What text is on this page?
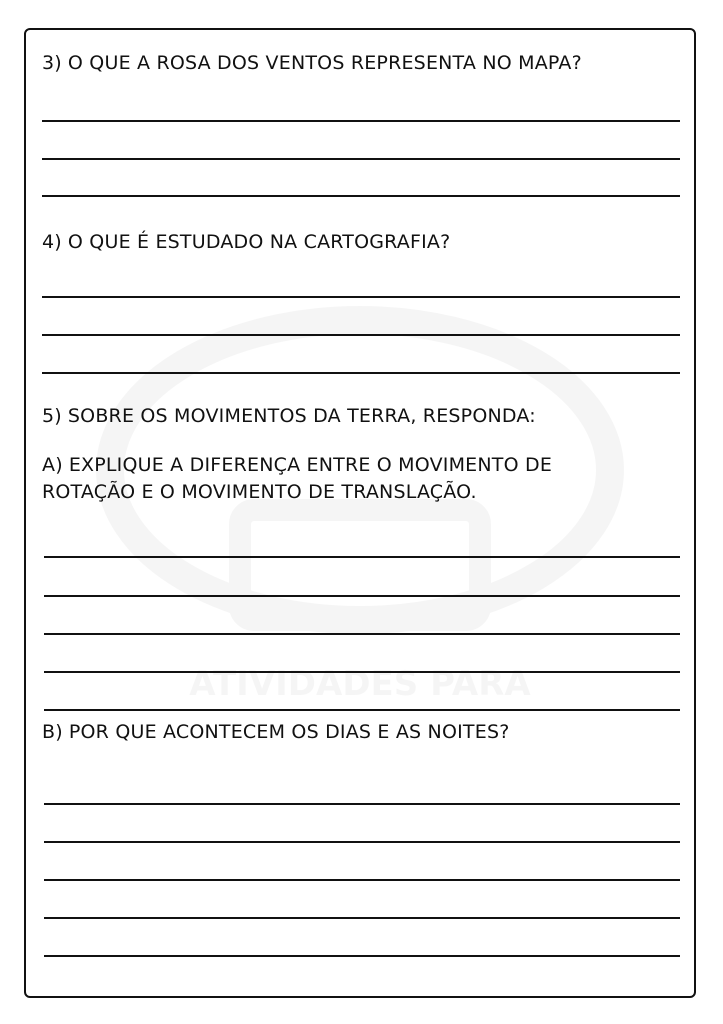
3) O QUE A ROSA DOS VENTOS REPRESENTA NO MAPA?
4) O QUE É ESTUDADO NA CARTOGRAFIA?
5) SOBRE OS MOVIMENTOS DA TERRA, RESPONDA:
A) EXPLIQUE A DIFERENÇA ENTRE O MOVIMENTO DE
ROTAÇÃO E O MOVIMENTO DE TRANSLAÇÃO.
B) POR QUE ACONTECEM OS DIAS E AS NOITES?
